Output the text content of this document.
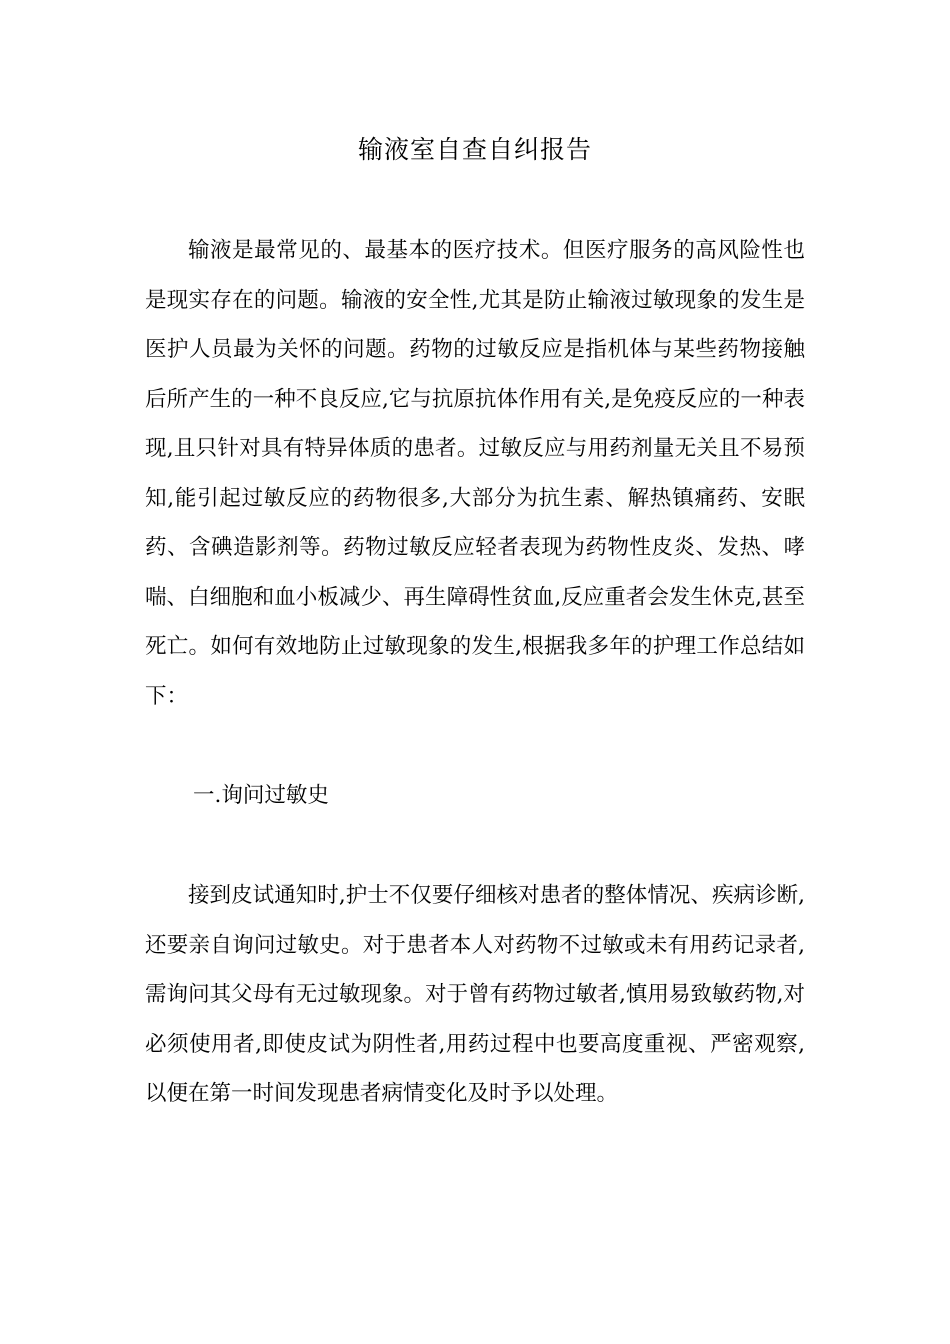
输液室自查自纠报告

输液是最常见的、最基本的医疗技术。但医疗服务的高风险性也是现实存在的问题。输液的安全性,尤其是防止输液过敏现象的发生是医护人员最为关怀的问题。药物的过敏反应是指机体与某些药物接触后所产生的一种不良反应,它与抗原抗体作用有关,是免疫反应的一种表现,且只针对具有特异体质的患者。过敏反应与用药剂量无关且不易预知,能引起过敏反应的药物很多,大部分为抗生素、解热镇痛药、安眠药、含碘造影剂等。药物过敏反应轻者表现为药物性皮炎、发热、哮喘、白细胞和血小板减少、再生障碍性贫血,反应重者会发生休克,甚至死亡。如何有效地防止过敏现象的发生,根据我多年的护理工作总结如下：

一.询问过敏史

接到皮试通知时,护士不仅要仔细核对患者的整体情况、疾病诊断,还要亲自询问过敏史。对于患者本人对药物不过敏或未有用药记录者,需询问其父母有无过敏现象。对于曾有药物过敏者,慎用易致敏药物,对必须使用者,即使皮试为阴性者,用药过程中也要高度重视、严密观察,以便在第一时间发现患者病情变化及时予以处理。
